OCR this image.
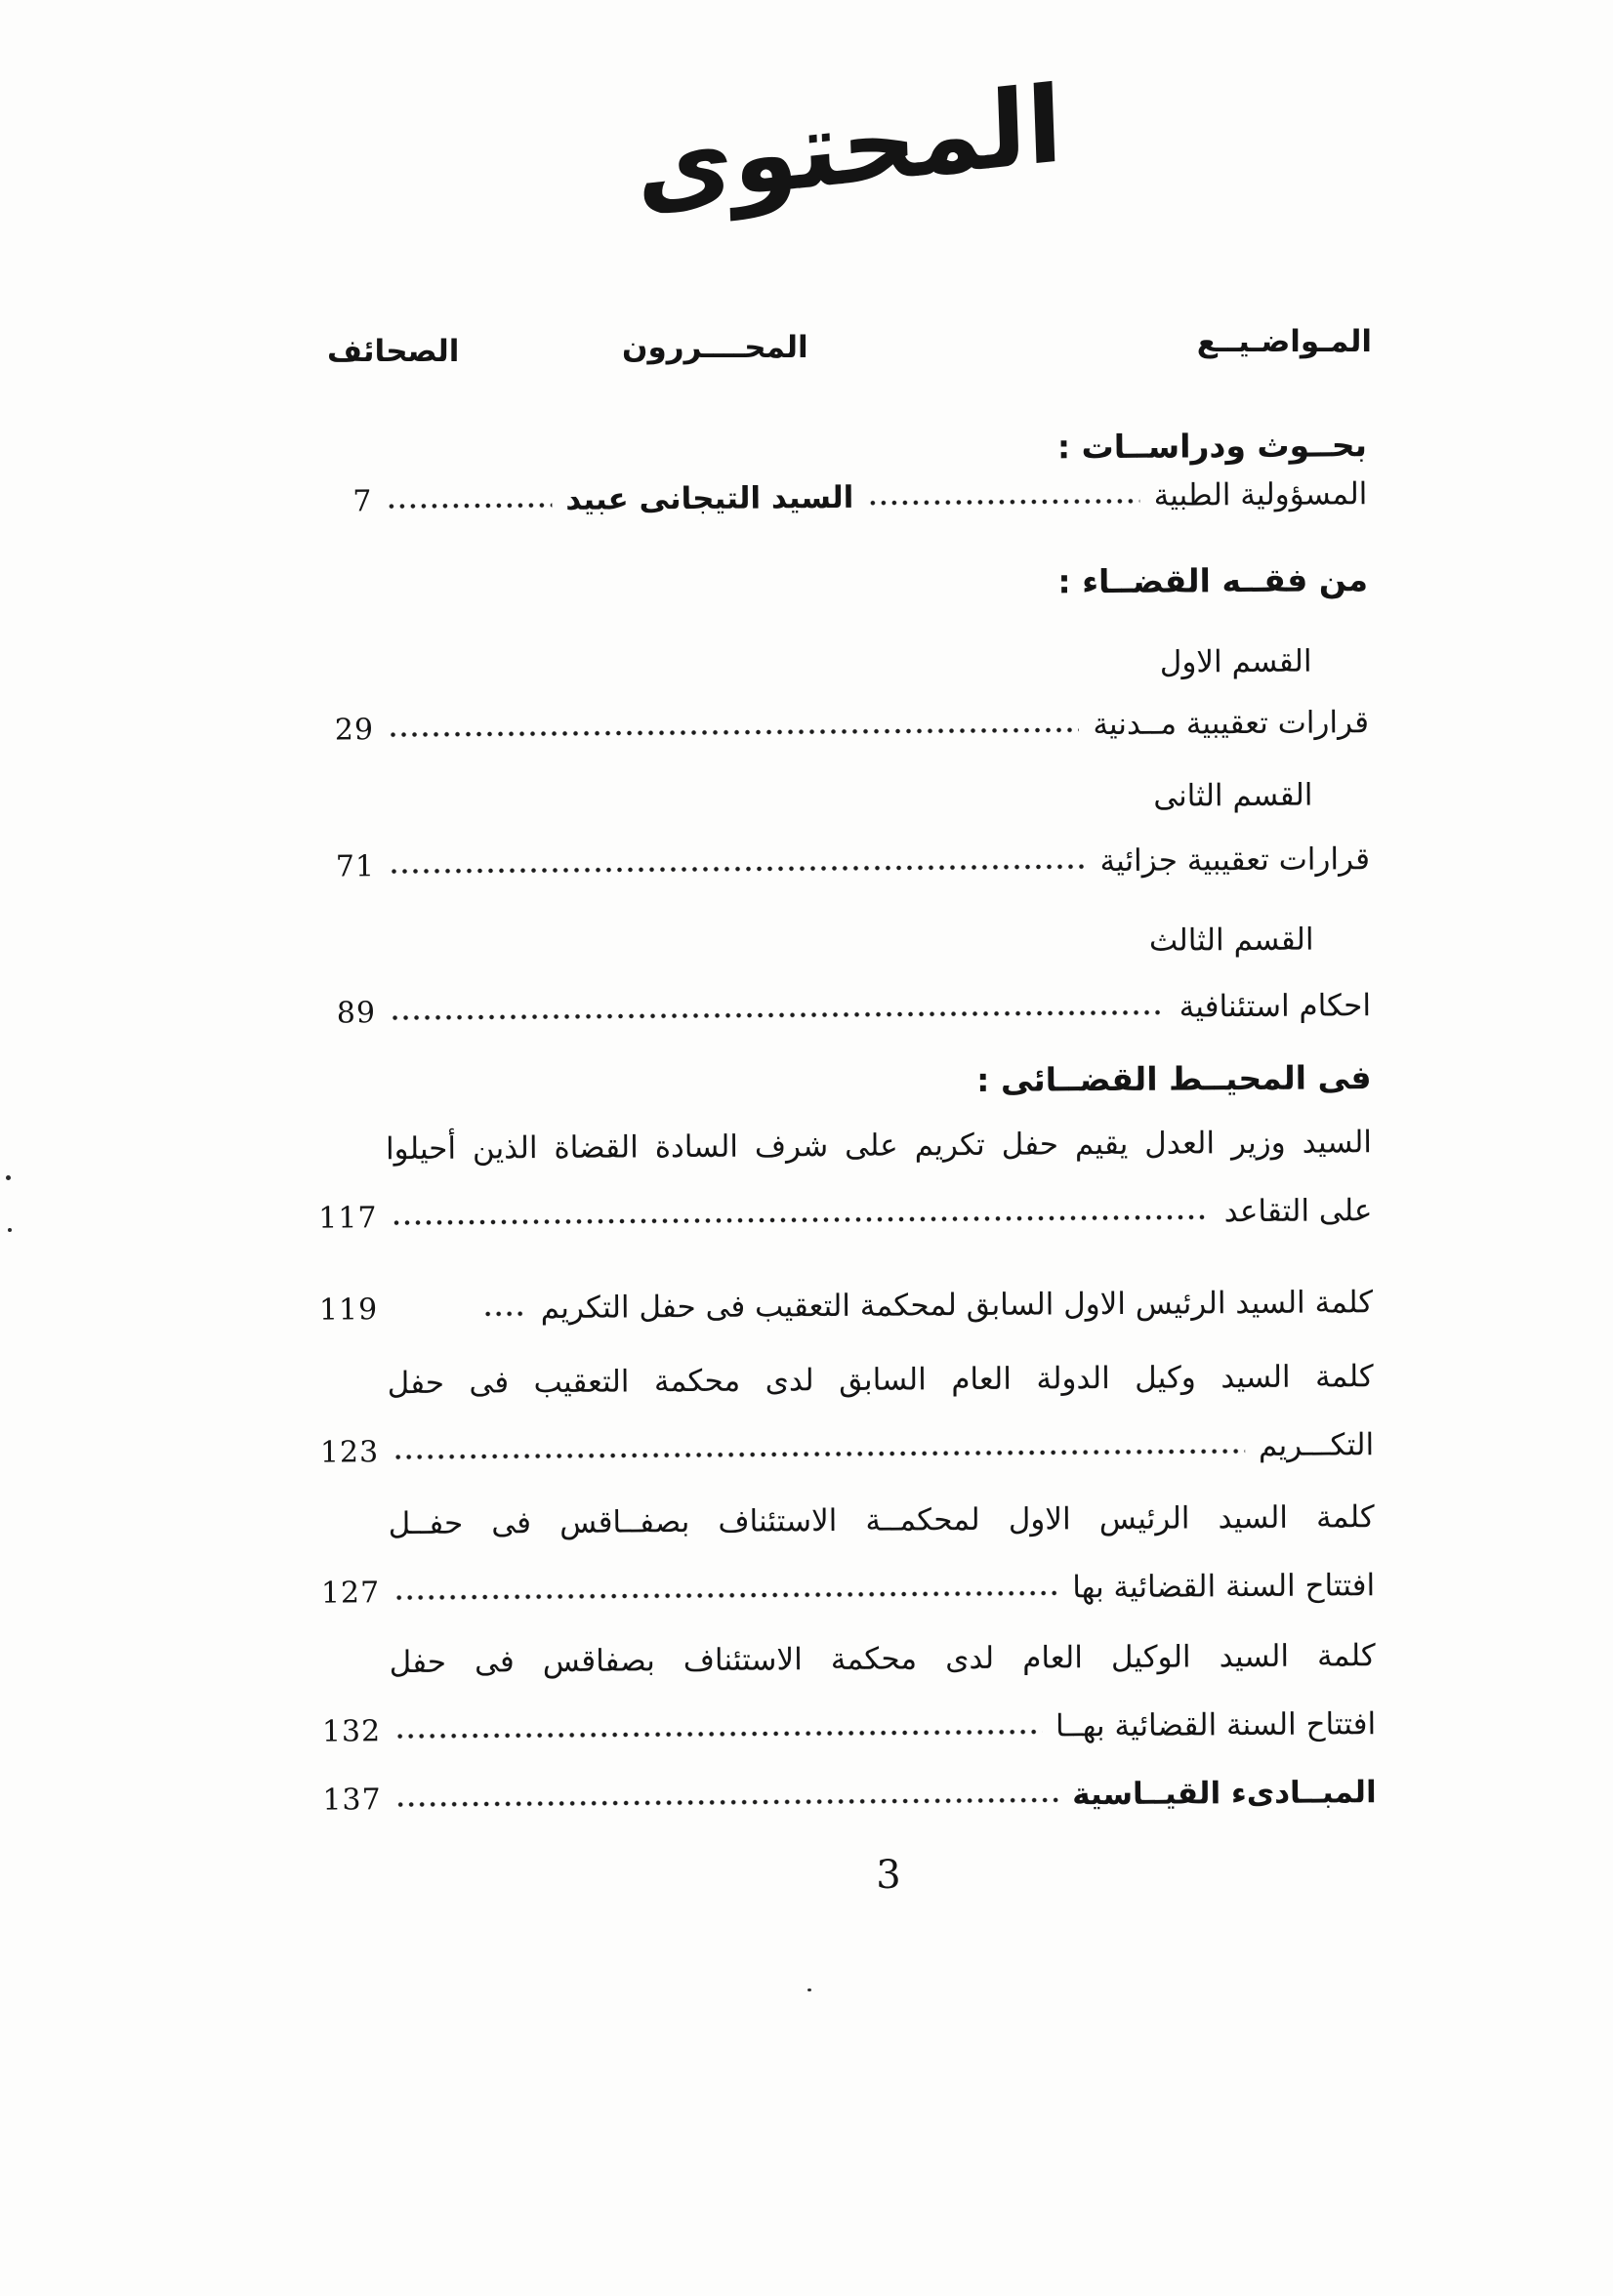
المحتوى
المـواضـيــع
المحــــررون
الصحائف
بحــوث ودراســات :
المسؤولية الطبية
السيد التيجانى عبيد
7
من فقــه القضــاء :
القسم الاول
قرارات تعقيبية مــدنية
29
القسم الثانى
قرارات تعقيبية جزائية
71
القسم الثالث
احكام استئنافية
89
فى المحيــط القضــائى :
السيد وزير العدل يقيم حفل تكريم على شرف السادة القضاة الذين أحيلوا
على التقاعد
117
كلمة السيد الرئيس الاول السابق لمحكمة التعقيب فى حفل التكريم
119
كلمة السيد وكيل الدولة العام السابق لدى محكمة التعقيب فى حفل
التكـــريم
123
كلمة السيد الرئيس الاول لمحكمــة الاستئناف بصفــاقس فى حفــل
افتتاح السنة القضائية بها
127
كلمة السيد الوكيل العام لدى محكمة الاستئناف بصفاقس فى حفل
افتتاح السنة القضائية بهــا
132
المبــادىء القيــاسية
137
3
